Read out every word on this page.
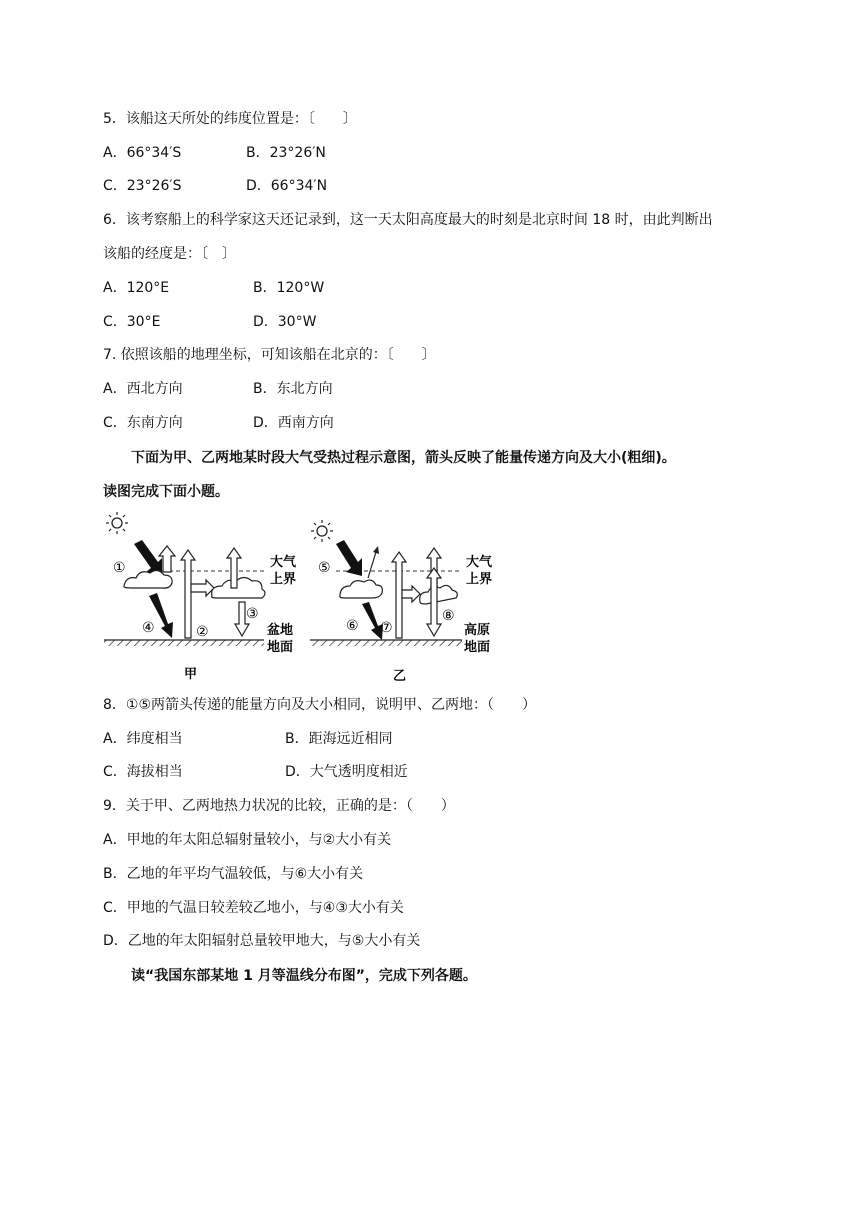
5．该船这天所处的纬度位置是：〔　　〕
A．66°34′S	B．23°26′N
C．23°26′S	D．66°34′N
6．该考察船上的科学家这天还记录到，这一天太阳高度最大的时刻是北京时间 18 时，由此判断出
该船的经度是：〔　〕
A．120°E	B．120°W
C．30°E	D．30°W
7. 依照该船的地理坐标，可知该船在北京的：〔　　〕
A．西北方向	B．东北方向
C．东南方向	D．西南方向
下面为甲、乙两地某时段大气受热过程示意图，箭头反映了能量传递方向及大小(粗细)。
读图完成下面小题。
①
④	②
③
大气
上界
盆地
地面
甲
⑤
⑥ ⑦
⑧
大气
上界
高原
地面
乙
8．①⑤两箭头传递的能量方向及大小相同，说明甲、乙两地：（　　）
A．纬度相当	B．距海远近相同
C．海拔相当	D．大气透明度相近
9．关于甲、乙两地热力状况的比较，正确的是：（　　）
A．甲地的年太阳总辐射量较小，与②大小有关
B．乙地的年平均气温较低，与⑥大小有关
C．甲地的气温日较差较乙地小，与④③大小有关
D．乙地的年太阳辐射总量较甲地大，与⑤大小有关
读“我国东部某地 1 月等温线分布图”，完成下列各题。
